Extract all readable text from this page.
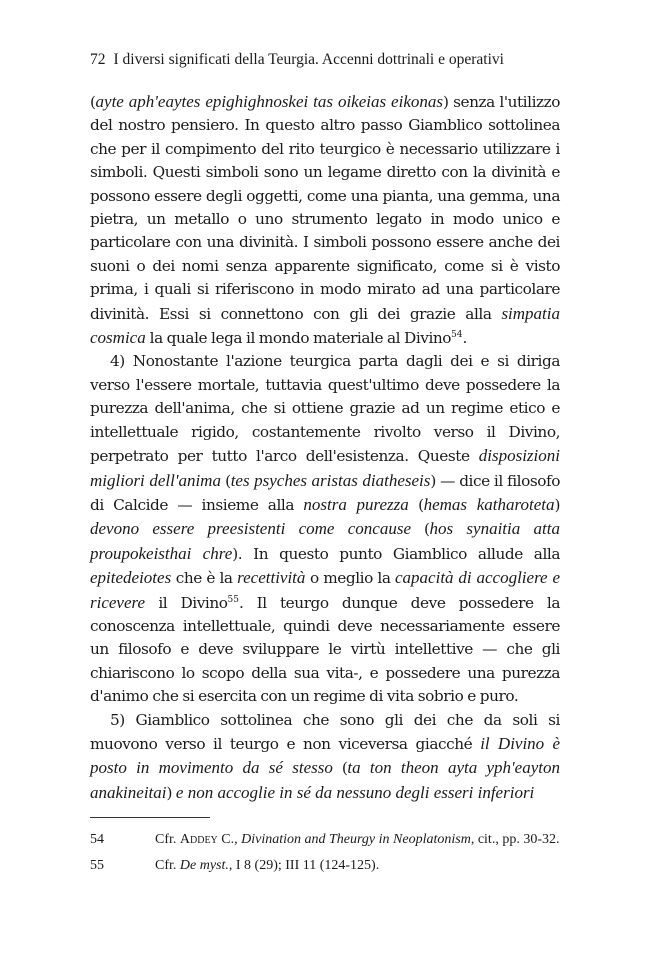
72 I diversi significati della Teurgia. Accenni dottrinali e operativi

(ayte aph'eaytes epighighnoskei tas oikeias eikonas) senza l'utilizzo del nostro pensiero. In questo altro passo Giamblico sottolinea che per il compimento del rito teurgico è necessario utilizzare i simboli. Questi simboli sono un legame diretto con la divinità e possono essere degli oggetti, come una pianta, una gemma, una pietra, un metallo o uno strumento legato in modo unico e particolare con una divinità. I simboli possono essere anche dei suoni o dei nomi senza apparente significato, come si è visto prima, i quali si riferiscono in modo mirato ad una particolare divinità. Essi si connettono con gli dei grazie alla simpatia cosmica la quale lega il mondo materiale al Divino$^{54}$.

4) Nonostante l'azione teurgica parta dagli dei e si diriga verso l'essere mortale, tuttavia quest'ultimo deve possedere la purezza dell'anima, che si ottiene grazie ad un regime etico e intellettuale rigido, costantemente rivolto verso il Divino, perpetrato per tutto l'arco dell'esistenza. Queste disposizioni migliori dell'anima (tes psyches aristas diatheseis) — dice il filosofo di Calcide — insieme alla nostra purezza (hemas katharoteta) devono essere preesistenti come concause (hos synaitia atta proupokeisthai chre). In questo punto Giamblico allude alla epitedeiotes che è la recettività o meglio la capacità di accogliere e ricevere il Divino$^{55}$. Il teurgo dunque deve possedere la conoscenza intellettuale, quindi deve necessariamente essere un filosofo e deve sviluppare le virtù intellettive — che gli chiariscono lo scopo della sua vita-, e possedere una purezza d'animo che si esercita con un regime di vita sobrio e puro.

5) Giamblico sottolinea che sono gli dei che da soli si muovono verso il teurgo e non viceversa giacché il Divino è posto in movimento da sé stesso (ta ton theon ayta yph'eayton anakineitai) e non accoglie in sé da nessuno degli esseri inferiori

54	Cfr. Addey C., Divination and Theurgy in Neoplatonism, cit., pp. 30-32.
55	Cfr. De myst., I 8 (29); III 11 (124-125).
